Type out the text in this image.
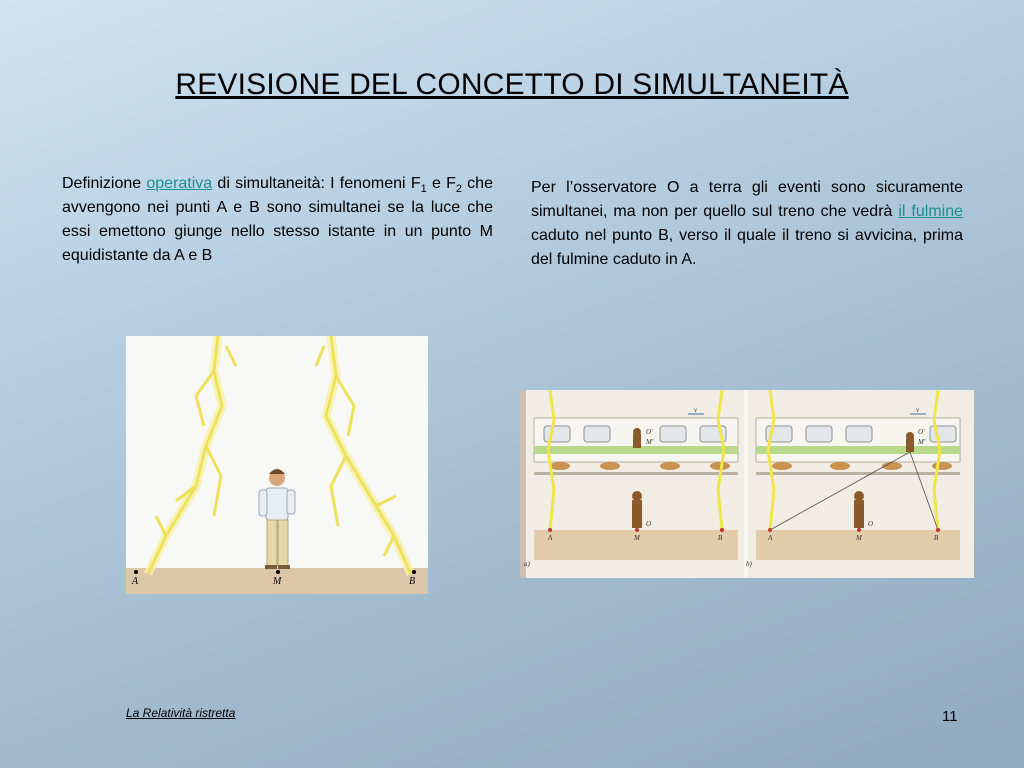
REVISIONE DEL CONCETTO DI SIMULTANEITÀ
Definizione operativa di simultaneità: I fenomeni $F_1$ e $F_2$ che avvengono nei punti A e B sono simultanei se la luce che essi emettono giunge nello stesso istante in un punto M equidistante da A e B
Per l’osservatore O a terra gli eventi sono sicuramente simultanei, ma non per quello sul treno che vedrà il fulmine caduto nel punto B, verso il quale il treno si avvicina, prima del fulmine caduto in A.
A	M	B
a)
v
O'
M'
O
A	M	B
b)
v
O'
M'
O
A	M	B
La Relatività ristretta	11
